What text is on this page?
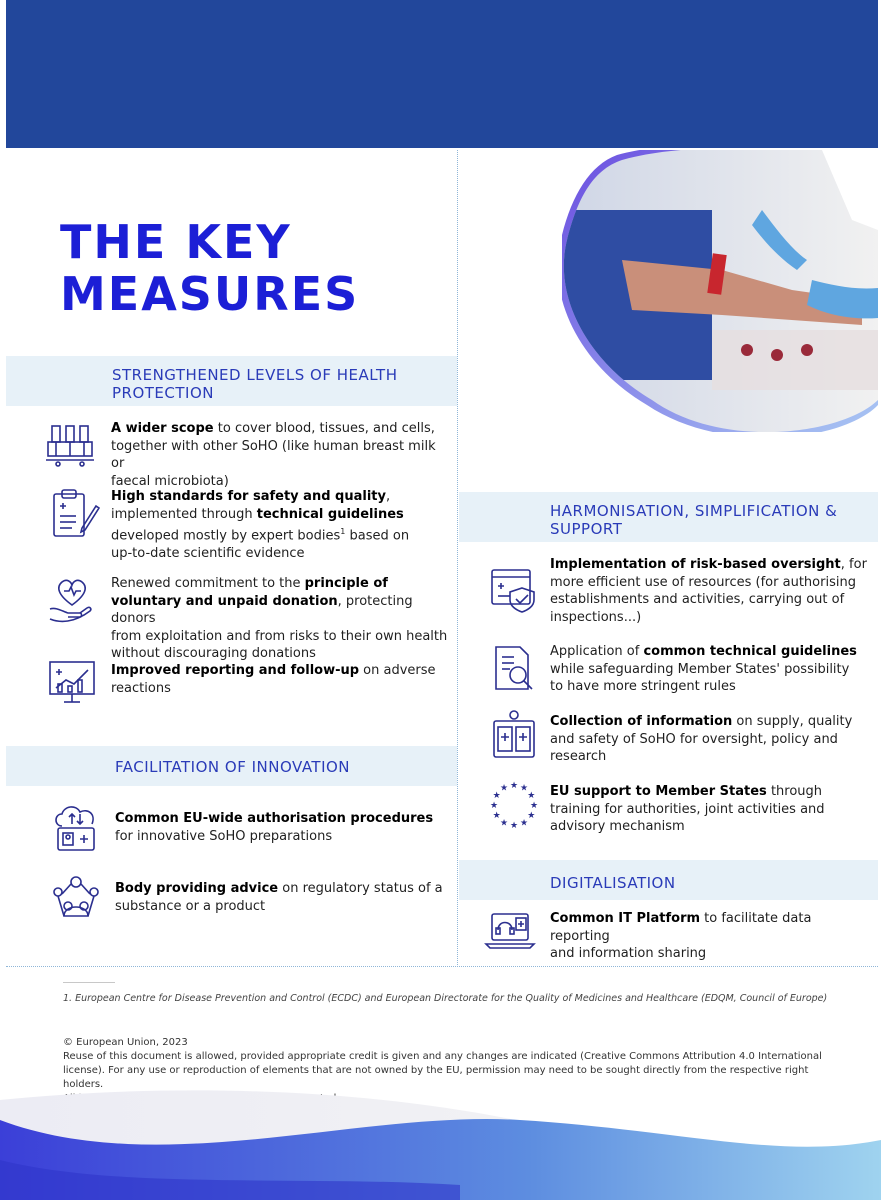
THE KEY
MEASURES
STRENGTHENED LEVELS OF HEALTH
PROTECTION
A wider scope to cover blood, tissues, and cells,
together with other SoHO (like human breast milk or
faecal microbiota)
High standards for safety and quality,
implemented through technical guidelines
developed mostly by expert bodies$^1$ based on
up-to-date scientific evidence
Renewed commitment to the principle of
voluntary and unpaid donation, protecting donors
from exploitation and from risks to their own health
without discouraging donations
Improved reporting and follow-up on adverse
reactions
FACILITATION OF INNOVATION
Common EU-wide authorisation procedures
for innovative SoHO preparations
Body providing advice on regulatory status of a
substance or a product
HARMONISATION, SIMPLIFICATION &
SUPPORT
Implementation of risk-based oversight, for
more efficient use of resources (for authorising
establishments and activities, carrying out of
inspections...)
Application of common technical guidelines
while safeguarding Member States' possibility
to have more stringent rules
Collection of information on supply, quality
and safety of SoHO for oversight, policy and
research
★ ★
★
★
★
★
★
★
★
★
★
★	EU support to Member States through
training for authorities, joint activities and
advisory mechanism
DIGITALISATION
Common IT Platform to facilitate data reporting
and information sharing
1. European Centre for Disease Prevention and Control (ECDC) and European Directorate for the Quality of Medicines and Healthcare (EDQM, Council of Europe)
© European Union, 2023
Reuse of this document is allowed, provided appropriate credit is given and any changes are indicated (Creative Commons Attribution 4.0 International
license). For any use or reproduction of elements that are not owned by the EU, permission may need to be sought directly from the respective right holders.
